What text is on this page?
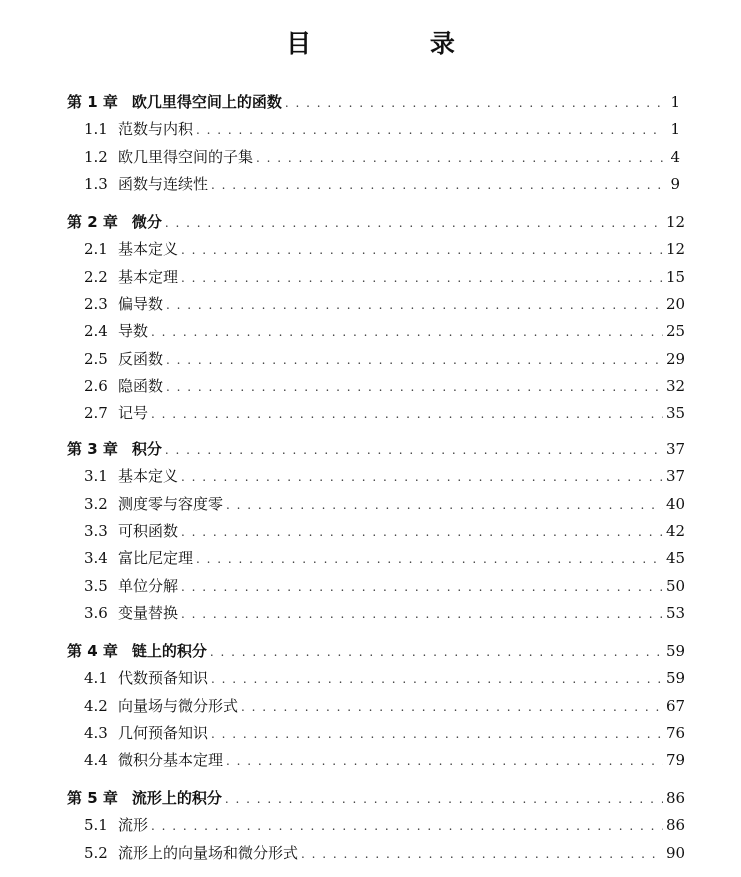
目 录
第 1 章 欧几里得空间上的函数 . . .	1
1.1 范数与内积 . . .	1
1.2 欧几里得空间的子集 . . .	4
1.3 函数与连续性 . . .	9
第 2 章 微分 . . .	12
2.1 基本定义 . . .	12
2.2 基本定理 . . .	15
2.3 偏导数 . . .	20
2.4 导数 . . .	25
2.5 反函数 . . .	29
2.6 隐函数 . . .	32
2.7 记号 . . .	35
第 3 章 积分 . . .	37
3.1 基本定义 . . .	37
3.2 测度零与容度零 . . .	40
3.3 可积函数 . . .	42
3.4 富比尼定理 . . .	45
3.5 单位分解 . . .	50
3.6 变量替换 . . .	53
第 4 章 链上的积分 . . .	59
4.1 代数预备知识 . . .	59
4.2 向量场与微分形式 . . .	67
4.3 几何预备知识 . . .	76
4.4 微积分基本定理 . . .	79
第 5 章 流形上的积分 . . .	86
5.1 流形 . . .	86
5.2 流形上的向量场和微分形式 . . .	90
